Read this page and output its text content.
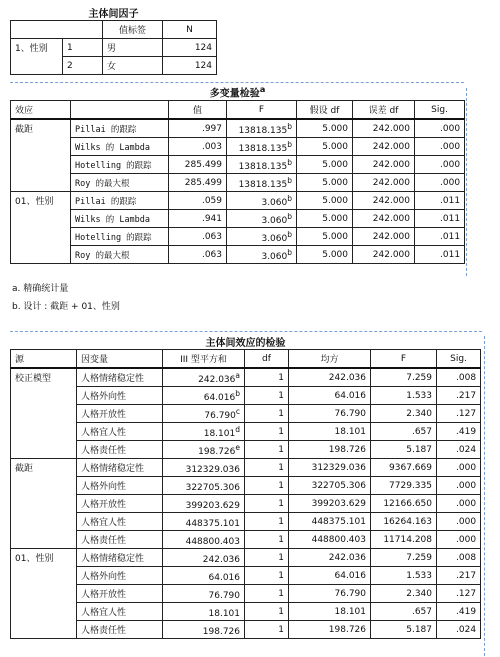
主体间因子			
		值标签	N
1、性别	1	男	124
	2	女	124
多变量检验$^a$
效应		值	F	假设 df	误差 df	Sig.
截距	Pillai 的跟踪	.997	13818.135$^b$	5.000	242.000	.000
	Wilks 的 Lambda	.003	13818.135$^b$	5.000	242.000	.000
	Hotelling 的跟踪	285.499	13818.135$^b$	5.000	242.000	.000
	Roy 的最大根	285.499	13818.135$^b$	5.000	242.000	.000
01、性别	Pillai 的跟踪	.059	3.060$^b$	5.000	242.000	.011
	Wilks 的 Lambda	.941	3.060$^b$	5.000	242.000	.011
	Hotelling 的跟踪	.063	3.060$^b$	5.000	242.000	.011
	Roy 的最大根	.063	3.060$^b$	5.000	242.000	.011
a. 精确统计量
b. 设计 : 截距 + 01、性别
主体间效应的检验						
源	因变量	III 型平方和	df	均方	F	Sig.
校正模型	人格情绪稳定性	242.036$^a$	1	242.036	7.259	.008
	人格外向性	64.016$^b$	1	64.016	1.533	.217
	人格开放性	76.790$^c$	1	76.790	2.340	.127
	人格宜人性	18.101$^d$	1	18.101	.657	.419
	人格责任性	198.726e	1	198.726	5.187	.024
截距	人格情绪稳定性	312329.036	1	312329.036	9367.669	.000
	人格外向性	322705.306	1	322705.306	7729.335	.000
	人格开放性	399203.629	1	399203.629	12166.650	.000
	人格宜人性	448375.101	1	448375.101	16264.163	.000
	人格责任性	448800.403	1	448800.403	11714.208	.000
01、性别	人格情绪稳定性	242.036	1	242.036	7.259	.008
	人格外向性	64.016	1	64.016	1.533	.217
	人格开放性	76.790	1	76.790	2.340	.127
	人格宜人性	18.101	1	18.101	.657	.419
	人格责任性	198.726	1	198.726	5.187	.024
